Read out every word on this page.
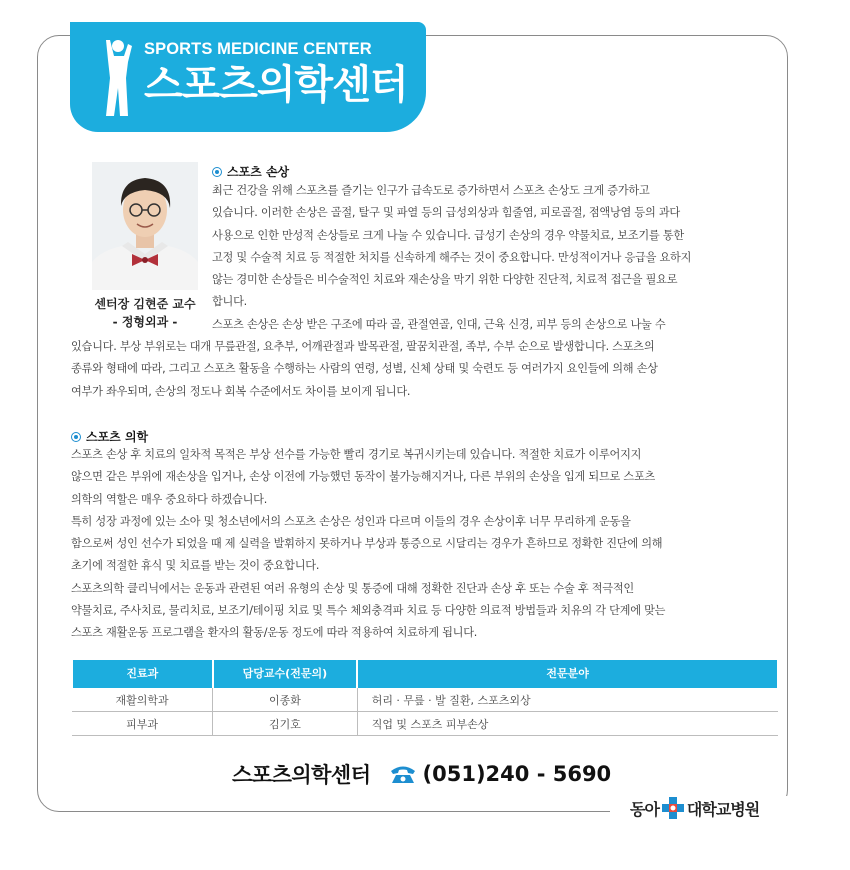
SPORTS MEDICINE CENTER
스포츠의학센터
센터장 김현준 교수
- 정형외과 -
스포츠 손상
최근 건강을 위해 스포츠를 즐기는 인구가 급속도로 증가하면서 스포츠 손상도 크게 증가하고
있습니다. 이러한 손상은 골절, 탈구 및 파열 등의 급성외상과 힘줄염, 피로골절, 점액낭염 등의 과다
사용으로 인한 만성적 손상들로 크게 나눌 수 있습니다. 급성기 손상의 경우 약물치료, 보조기를 통한
고정 및 수술적 치료 등 적절한 처치를 신속하게 해주는 것이 중요합니다. 만성적이거나 응급을 요하지
않는 경미한 손상들은 비수술적인 치료와 재손상을 막기 위한 다양한 진단적, 치료적 접근을 필요로
합니다.
스포츠 손상은 손상 받은 구조에 따라 골, 관절연골, 인대, 근육 신경, 피부 등의 손상으로 나눌 수
있습니다. 부상 부위로는 대개 무릎관절, 요추부, 어깨관절과 발목관절, 팔꿈치관절, 족부, 수부 순으로 발생합니다. 스포츠의
종류와 형태에 따라, 그리고 스포츠 활동을 수행하는 사람의 연령, 성별, 신체 상태 및 숙련도 등 여러가지 요인들에 의해 손상
여부가 좌우되며, 손상의 정도나 회복 수준에서도 차이를 보이게 됩니다.
스포츠 의학
스포츠 손상 후 치료의 일차적 목적은 부상 선수를 가능한 빨리 경기로 복귀시키는데 있습니다. 적절한 치료가 이루어지지
않으면 같은 부위에 재손상을 입거나, 손상 이전에 가능했던 동작이 불가능해지거나, 다른 부위의 손상을 입게 되므로 스포츠
의학의 역할은 매우 중요하다 하겠습니다.
특히 성장 과정에 있는 소아 및 청소년에서의 스포츠 손상은 성인과 다르며 이들의 경우 손상이후 너무 무리하게 운동을
함으로써 성인 선수가 되었을 때 제 실력을 발휘하지 못하거나 부상과 통증으로 시달리는 경우가 흔하므로 정확한 진단에 의해
초기에 적절한 휴식 및 치료를 받는 것이 중요합니다.
스포츠의학 클리닉에서는 운동과 관련된 여러 유형의 손상 및 통증에 대해 정확한 진단과 손상 후 또는 수술 후 적극적인
약물치료, 주사치료, 물리치료, 보조기/테이핑 치료 및 특수 체외충격파 치료 등 다양한 의료적 방법들과 치유의 각 단계에 맞는
스포츠 재활운동 프로그램을 환자의 활동/운동 정도에 따라 적용하여 치료하게 됩니다.
진료과	담당교수(전문의)	전문분야
재활의학과	이종화	허리 · 무릎 · 발 질환, 스포츠외상
피부과	김기호	직업 및 스포츠 피부손상
스포츠의학센터 (051)240 - 5690
동아 대학교병원
